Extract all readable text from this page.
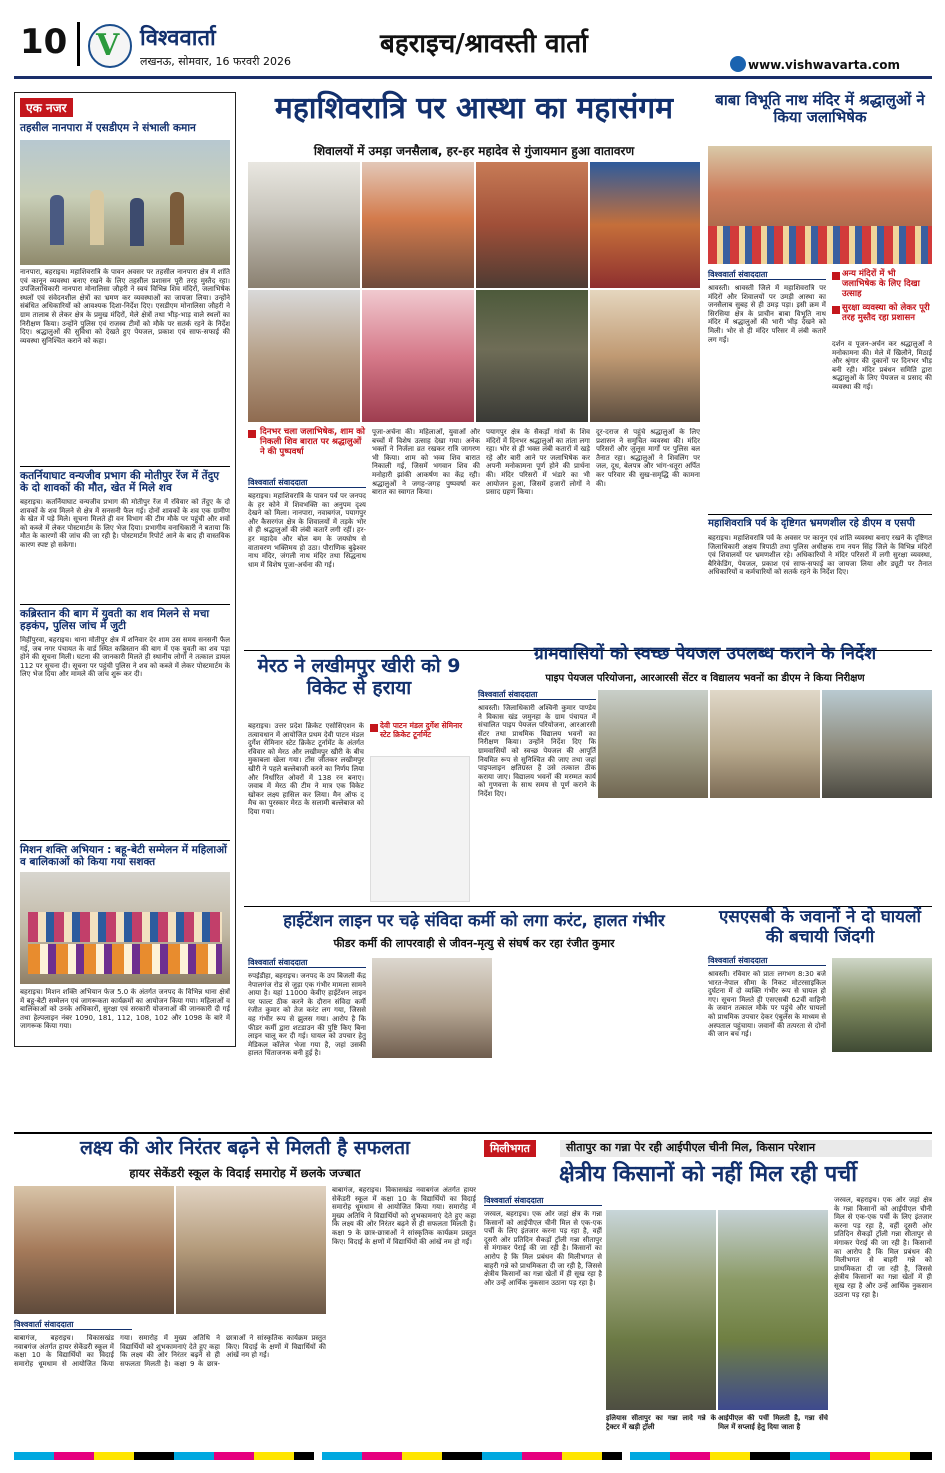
10 V विश्ववार्ता
लखनऊ, सोमवार, 16 फरवरी 2026
बहराइच/श्रावस्ती वार्ता
www.vishwavarta.com
एक नजर
तहसील नानपारा में एसडीएम ने संभाली कमान
नानपारा, बहराइच। महाशिवरात्रि के पावन अवसर पर तहसील नानपारा क्षेत्र में शांति एवं कानून व्यवस्था बनाए रखने के लिए तहसील प्रशासन पूरी तरह मुस्तैद रहा। उपजिलाधिकारी नानपारा मोनालिसा जौहरी ने स्वयं विभिन्न शिव मंदिरों, जलाभिषेक स्थलों एवं संवेदनशील क्षेत्रों का भ्रमण कर व्यवस्थाओं का जायजा लिया। उन्होंने संबंधित अधिकारियों को आवश्यक दिशा-निर्देश दिए। एसडीएम मोनालिसा जौहरी ने ग्राम तालाब से लेकर क्षेत्र के प्रमुख मंदिरों, मेले क्षेत्रों तथा भीड़-भाड़ वाले स्थलों का निरीक्षण किया। उन्होंने पुलिस एवं राजस्व टीमों को मौके पर सतर्क रहने के निर्देश दिए। श्रद्धालुओं की सुविधा को देखते हुए पेयजल, प्रकाश एवं साफ-सफाई की व्यवस्था सुनिश्चित कराने को कहा।
कतर्नियाघाट वन्यजीव प्रभाग की मोतीपुर रेंज में तेंदुए के दो शावकों की मौत, खेत में मिले शव
बहराइच। कतर्नियाघाट वन्यजीव प्रभाग की मोतीपुर रेंज में रविवार को तेंदुए के दो शावकों के शव मिलने से क्षेत्र में सनसनी फैल गई। दोनों शावकों के शव एक ग्रामीण के खेत में पड़े मिले। सूचना मिलते ही वन विभाग की टीम मौके पर पहुंची और शवों को कब्जे में लेकर पोस्टमार्टम के लिए भेज दिया। प्रभागीय वनाधिकारी ने बताया कि मौत के कारणों की जांच की जा रही है। पोस्टमार्टम रिपोर्ट आने के बाद ही वास्तविक कारण स्पष्ट हो सकेगा।
कब्रिस्तान की बाग में युवती का शव मिलने से मचा हड़कंप, पुलिस जांच में जुटी
मिहींपुरवा, बहराइच। थाना मोतीपुर क्षेत्र में शनिवार देर शाम उस समय सनसनी फैल गई, जब नगर पंचायत के वार्ड स्थित कब्रिस्तान की बाग में एक युवती का शव पड़ा होने की सूचना मिली। घटना की जानकारी मिलते ही स्थानीय लोगों ने तत्काल डायल 112 पर सूचना दी। सूचना पर पहुंची पुलिस ने शव को कब्जे में लेकर पोस्टमार्टम के लिए भेज दिया और मामले की जांच शुरू कर दी।
मिशन शक्ति अभियान : बहू-बेटी सम्मेलन में महिलाओं व बालिकाओं को किया गया सशक्त
बहराइच। मिशन शक्ति अभियान फेज 5.0 के अंतर्गत जनपद के विभिन्न थाना क्षेत्रों में बहू-बेटी सम्मेलन एवं जागरूकता कार्यक्रमों का आयोजन किया गया। महिलाओं व बालिकाओं को उनके अधिकारों, सुरक्षा एवं सरकारी योजनाओं की जानकारी दी गई तथा हेल्पलाइन नंबर 1090, 181, 112, 108, 102 और 1098 के बारे में जागरूक किया गया।
महाशिवरात्रि पर आस्था का महासंगम
शिवालयों में उमड़ा जनसैलाब, हर-हर महादेव से गुंजायमान हुआ वातावरण
दिनभर चला जलाभिषेक, शाम को निकली शिव बारात पर श्रद्धालुओं ने की पुष्पवर्षा
विश्ववार्ता संवाददाता
बहराइच। महाशिवरात्रि के पावन पर्व पर जनपद के हर कोने में शिवभक्ति का अनुपम दृश्य देखने को मिला। नानपारा, नवाबगंज, पयागपुर और कैसरगंज क्षेत्र के शिवालयों में तड़के भोर से ही श्रद्धालुओं की लंबी कतारें लगी रहीं। हर-हर महादेव और बोल बम के जयघोष से वातावरण भक्तिमय हो उठा। पौराणिक बुढ़ेश्वर नाथ मंदिर, जंगली नाथ मंदिर तथा सिद्धनाथ धाम में विशेष पूजा-अर्चना की गई।
पूजा-अर्चना की। महिलाओं, युवाओं और बच्चों में विशेष उत्साह देखा गया। अनेक भक्तों ने निर्जला व्रत रखकर रात्रि जागरण भी किया। शाम को भव्य शिव बारात निकाली गई, जिसमें भगवान शिव की मनोहारी झांकी आकर्षण का केंद्र रही। श्रद्धालुओं ने जगह-जगह पुष्पवर्षा कर बारात का स्वागत किया।
पयागपुर क्षेत्र के सैकड़ों गांवों के शिव मंदिरों में दिनभर श्रद्धालुओं का तांता लगा रहा। भोर से ही भक्त लंबी कतारों में खड़े रहे और बारी आने पर जलाभिषेक कर अपनी मनोकामना पूर्ण होने की प्रार्थना की। मंदिर परिसरों में भंडारे का भी आयोजन हुआ, जिसमें हजारों लोगों ने प्रसाद ग्रहण किया।
दूर-दराज से पहुंचे श्रद्धालुओं के लिए प्रशासन ने समुचित व्यवस्था की। मंदिर परिसरों और जुलूस मार्गों पर पुलिस बल तैनात रहा। श्रद्धालुओं ने शिवलिंग पर जल, दूध, बेलपत्र और भांग-धतूरा अर्पित कर परिवार की सुख-समृद्धि की कामना की।
बाबा विभूति नाथ मंदिर में श्रद्धालुओं ने किया जलाभिषेक
विश्ववार्ता संवाददाता	अन्य मंदिरों में भी जलाभिषेक के लिए दिखा उत्साह
सुरक्षा व्यवस्था को लेकर पूरी तरह मुस्तैद रहा प्रशासन
श्रावस्ती। श्रावस्ती जिले में महाशिवरात्रि पर मंदिरों और शिवालयों पर उमड़ी आस्था का जनसैलाब सुबह से ही उमड़ पड़ा। इसी क्रम में सिरसिया क्षेत्र के प्राचीन बाबा विभूति नाथ मंदिर में श्रद्धालुओं की भारी भीड़ देखने को मिली। भोर से ही मंदिर परिसर में लंबी कतारें लग गईं।
दर्शन व पूजन-अर्चन कर श्रद्धालुओं ने मनोकामना की। मेले में खिलौने, मिठाई और श्रृंगार की दुकानों पर दिनभर भीड़ बनी रही। मंदिर प्रबंधन समिति द्वारा श्रद्धालुओं के लिए पेयजल व प्रसाद की व्यवस्था की गई।
महाशिवरात्रि पर्व के दृष्टिगत भ्रमणशील रहे डीएम व एसपी
बहराइच। महाशिवरात्रि पर्व के अवसर पर कानून एवं शांति व्यवस्था बनाए रखने के दृष्टिगत जिलाधिकारी अक्षय त्रिपाठी तथा पुलिस अधीक्षक राम नयन सिंह जिले के विभिन्न मंदिरों एवं शिवालयों पर भ्रमणशील रहे। अधिकारियों ने मंदिर परिसरों में लगी सुरक्षा व्यवस्था, बैरिकेडिंग, पेयजल, प्रकाश एवं साफ-सफाई का जायजा लिया और ड्यूटी पर तैनात अधिकारियों व कर्मचारियों को सतर्क रहने के निर्देश दिए।
मेरठ ने लखीमपुर खीरी को 9 विकेट से हराया
देवी पाटन मंडल दुर्गेश सेमिनार स्टेट क्रिकेट टूर्नामेंट
बहराइच। उत्तर प्रदेश क्रिकेट एसोसिएशन के तत्वावधान में आयोजित प्रथम देवी पाटन मंडल दुर्गेश सेमिनार स्टेट क्रिकेट टूर्नामेंट के अंतर्गत रविवार को मेरठ और लखीमपुर खीरी के बीच मुकाबला खेला गया। टॉस जीतकर लखीमपुर खीरी ने पहले बल्लेबाजी करने का निर्णय लिया और निर्धारित ओवरों में 138 रन बनाए। जवाब में मेरठ की टीम ने मात्र एक विकेट खोकर लक्ष्य हासिल कर लिया। मैन ऑफ द मैच का पुरस्कार मेरठ के सलामी बल्लेबाज को दिया गया।
ग्रामवासियों को स्वच्छ पेयजल उपलब्ध कराने के निर्देश
पाइप पेयजल परियोजना, आरआरसी सेंटर व विद्यालय भवनों का डीएम ने किया निरीक्षण
विश्ववार्ता संवाददाता
श्रावस्ती। जिलाधिकारी अश्विनी कुमार पाण्डेय ने विकास खंड जमुनहा के ग्राम पंचायत में संचालित पाइप पेयजल परियोजना, आरआरसी सेंटर तथा प्राथमिक विद्यालय भवनों का निरीक्षण किया। उन्होंने निर्देश दिए कि ग्रामवासियों को स्वच्छ पेयजल की आपूर्ति नियमित रूप से सुनिश्चित की जाए तथा जहां पाइपलाइन क्षतिग्रस्त है उसे तत्काल ठीक कराया जाए। विद्यालय भवनों की मरम्मत कार्य को गुणवत्ता के साथ समय से पूर्ण कराने के निर्देश दिए।
हाईटेंशन लाइन पर चढ़े संविदा कर्मी को लगा करंट, हालत गंभीर
फीडर कर्मी की लापरवाही से जीवन-मृत्यु से संघर्ष कर रहा रंजीत कुमार
विश्ववार्ता संवाददाता
रुपईडीहा, बहराइच। जनपद के उप बिजली केंद्र नेपालगंज रोड से जुड़ा एक गंभीर मामला सामने आया है। यहां 11000 केवीए हाईटेंशन लाइन पर फाल्ट ठीक करने के दौरान संविदा कर्मी रंजीत कुमार को तेज करंट लग गया, जिससे वह गंभीर रूप से झुलस गया। आरोप है कि फीडर कर्मी द्वारा शटडाउन की पुष्टि किए बिना लाइन चालू कर दी गई। घायल को उपचार हेतु मेडिकल कॉलेज भेजा गया है, जहां उसकी हालत चिंताजनक बनी हुई है।
एसएसबी के जवानों ने दो घायलों की बचायी जिंदगी
विश्ववार्ता संवाददाता
श्रावस्ती। रविवार को प्रातः लगभग 8:30 बजे भारत-नेपाल सीमा के निकट मोटरसाइकिल दुर्घटना में दो व्यक्ति गंभीर रूप से घायल हो गए। सूचना मिलते ही एसएसबी 62वीं वाहिनी के जवान तत्काल मौके पर पहुंचे और घायलों को प्राथमिक उपचार देकर एंबुलेंस के माध्यम से अस्पताल पहुंचाया। जवानों की तत्परता से दोनों की जान बच गई।
लक्ष्य की ओर निरंतर बढ़ने से मिलती है सफलता
हायर सेकेंडरी स्कूल के विदाई समारोह में छलके जज्बात
विश्ववार्ता संवाददाता
बाबागंज, बहराइच। विकासखंड नवाबगंज अंतर्गत हायर सेकेंडरी स्कूल में कक्षा 10 के विद्यार्थियों का विदाई समारोह धूमधाम से आयोजित किया गया। समारोह में मुख्य अतिथि ने विद्यार्थियों को शुभकामनाएं देते हुए कहा कि लक्ष्य की ओर निरंतर बढ़ने से ही सफलता मिलती है। कक्षा 9 के छात्र-छात्राओं ने सांस्कृतिक कार्यक्रम प्रस्तुत किए। विदाई के क्षणों में विद्यार्थियों की आंखें नम हो गईं।
बाबागंज, बहराइच। विकासखंड नवाबगंज अंतर्गत हायर सेकेंडरी स्कूल में कक्षा 10 के विद्यार्थियों का विदाई समारोह धूमधाम से आयोजित किया गया। समारोह में मुख्य अतिथि ने विद्यार्थियों को शुभकामनाएं देते हुए कहा कि लक्ष्य की ओर निरंतर बढ़ने से ही सफलता मिलती है। कक्षा 9 के छात्र-छात्राओं ने सांस्कृतिक कार्यक्रम प्रस्तुत किए। विदाई के क्षणों में विद्यार्थियों की आंखें नम हो गईं।
मिलीभगत	सीतापुर का गन्ना पेर रही आईपीएल चीनी मिल, किसान परेशान
क्षेत्रीय किसानों को नहीं मिल रही पर्ची
विश्ववार्ता संवाददाता
जरवल, बहराइच। एक ओर जहां क्षेत्र के गन्ना किसानों को आईपीएल चीनी मिल से एक-एक पर्ची के लिए इंतजार करना पड़ रहा है, वहीं दूसरी ओर प्रतिदिन सैकड़ों ट्रॉली गन्ना सीतापुर से मंगाकर पेराई की जा रही है। किसानों का आरोप है कि मिल प्रबंधन की मिलीभगत से बाहरी गन्ने को प्राथमिकता दी जा रही है, जिससे क्षेत्रीय किसानों का गन्ना खेतों में ही सूख रहा है और उन्हें आर्थिक नुकसान उठाना पड़ रहा है।
इलियास सीतापुर का गन्ना लादे गन्ने के ट्रैक्टर में खड़ी ट्रॉली
आईपीएल की पर्ची मिलती है, गन्ना सेंचे मिल में सप्लाई हेतु दिया जाता है
जरवल, बहराइच। एक ओर जहां क्षेत्र के गन्ना किसानों को आईपीएल चीनी मिल से एक-एक पर्ची के लिए इंतजार करना पड़ रहा है, वहीं दूसरी ओर प्रतिदिन सैकड़ों ट्रॉली गन्ना सीतापुर से मंगाकर पेराई की जा रही है। किसानों का आरोप है कि मिल प्रबंधन की मिलीभगत से बाहरी गन्ने को प्राथमिकता दी जा रही है, जिससे क्षेत्रीय किसानों का गन्ना खेतों में ही सूख रहा है और उन्हें आर्थिक नुकसान उठाना पड़ रहा है।
